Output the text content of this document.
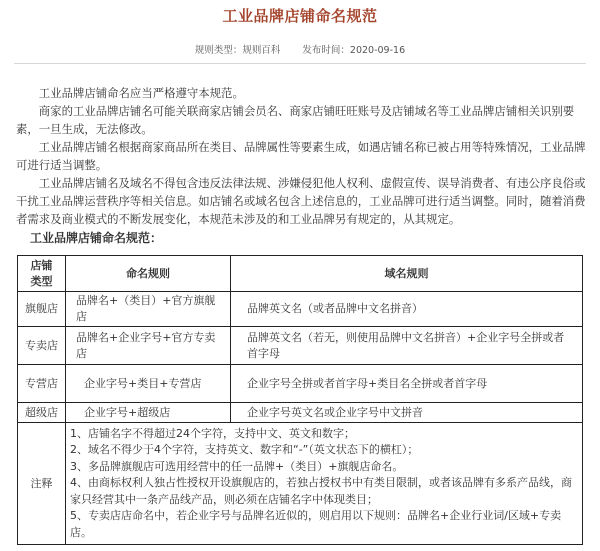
工业品牌店铺命名规范
规则类型：规则百科 发布时间：2020-09-16

工业品牌店铺命名应当严格遵守本规范。

商家的工业品牌店铺名可能关联商家店铺会员名、商家店铺旺旺账号及店铺域名等工业品牌店铺相关识别要素，一旦生成，无法修改。

工业品牌店铺名根据商家商品所在类目、品牌属性等要素生成，如遇店铺名称已被占用等特殊情况，工业品牌可进行适当调整。

工业品牌店铺名及域名不得包含违反法律法规、涉嫌侵犯他人权利、虚假宣传、误导消费者、有违公序良俗或干扰工业品牌运营秩序等相关信息。如店铺名或域名包含上述信息的，工业品牌可进行适当调整。同时，随着消费者需求及商业模式的不断发展变化，本规范未涉及的和工业品牌另有规定的，从其规定。

工业品牌店铺命名规范：

店铺类型	命名规则	域名规则
旗舰店	品牌名+（类目）+官方旗舰店	品牌英文名（或者品牌中文名拼音）
专卖店	品牌名+企业字号+官方专卖店	品牌英文名（若无，则使用品牌中文名拼音）+企业字号全拼或者首字母
专营店	企业字号+类目+专营店	企业字号全拼或者首字母+类目名全拼或者首字母
超级店	企业字号+超级店	企业字号英文名或企业字号中文拼音
注释	1、店铺名字不得超过24个字符，支持中文、英文和数字；
2、域名不得少于4个字符，支持英文、数字和“-”（英文状态下的横杠）；
3、多品牌旗舰店可选用经营中的任一品牌+（类目）+旗舰店命名。
4、由商标权利人独占性授权开设旗舰店的，若独占授权书中有类目限制，或者该品牌有多系产品线，商家只经营其中一条产品线产品，则必须在店铺名字中体现类目；
5、专卖店店命名中，若企业字号与品牌名近似的，则启用以下规则：品牌名+企业行业词/区域+专卖店。	
